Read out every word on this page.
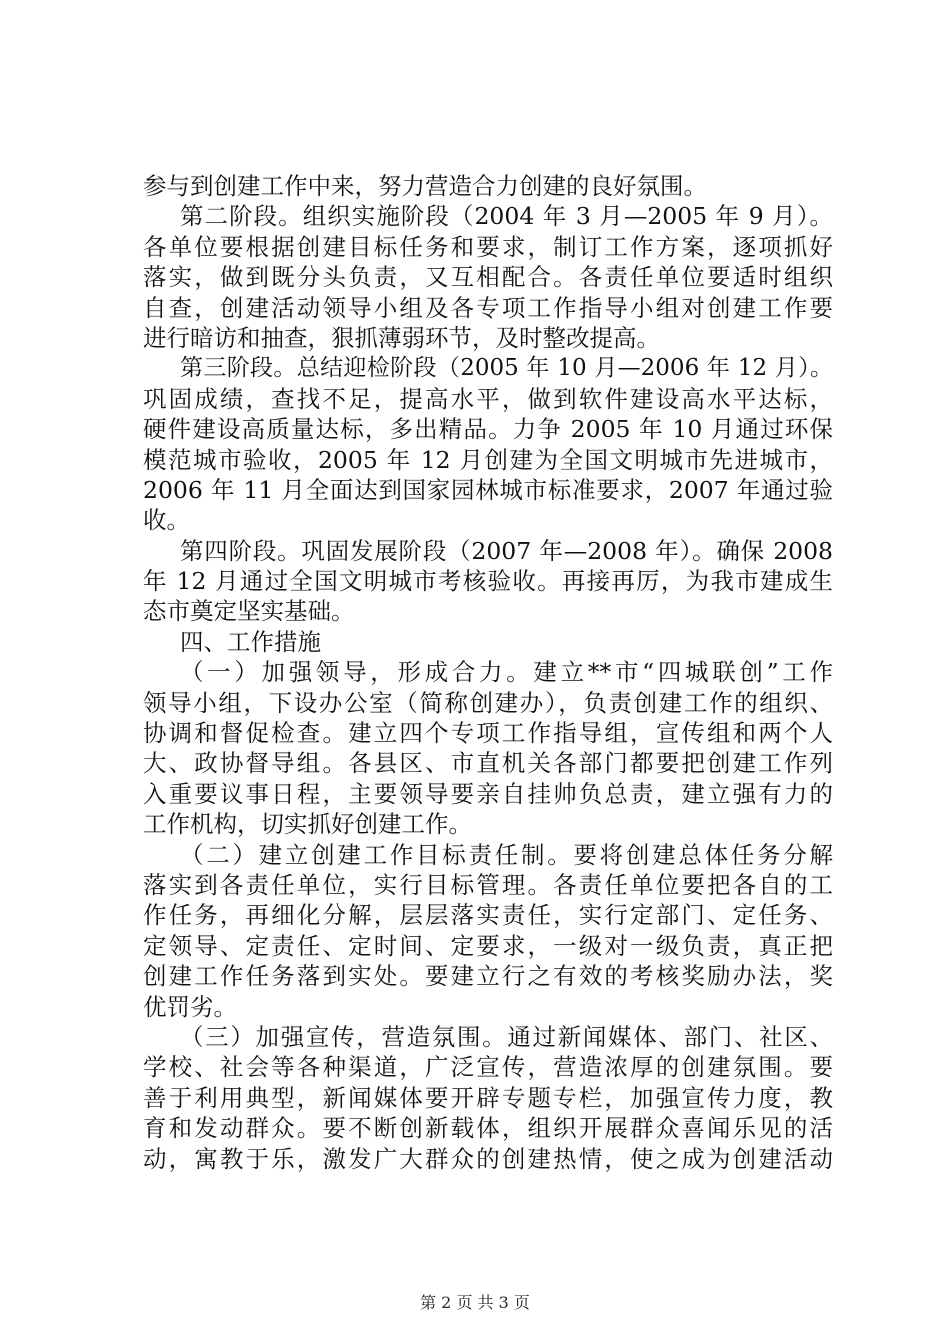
参与到创建工作中来，努力营造合力创建的良好氛围。
第二阶段。组织实施阶段（2004 年 3 月—2005 年 9 月）。
各单位要根据创建目标任务和要求，制订工作方案，逐项抓好
落实，做到既分头负责，又互相配合。各责任单位要适时组织
自查，创建活动领导小组及各专项工作指导小组对创建工作要
进行暗访和抽查，狠抓薄弱环节，及时整改提高。
第三阶段。总结迎检阶段（2005 年 10 月—2006 年 12 月）。
巩固成绩，查找不足，提高水平，做到软件建设高水平达标，
硬件建设高质量达标，多出精品。力争 2005 年 10 月通过环保
模范城市验收，2005 年 12 月创建为全国文明城市先进城市，
2006 年 11 月全面达到国家园林城市标准要求，2007 年通过验
收。
第四阶段。巩固发展阶段（2007 年—2008 年）。确保 2008
年 12 月通过全国文明城市考核验收。再接再厉，为我市建成生
态市奠定坚实基础。
四、工作措施
（一）加强领导，形成合力。建立**市“四城联创”工作
领导小组，下设办公室（简称创建办），负责创建工作的组织、
协调和督促检查。建立四个专项工作指导组，宣传组和两个人
大、政协督导组。各县区、市直机关各部门都要把创建工作列
入重要议事日程，主要领导要亲自挂帅负总责，建立强有力的
工作机构，切实抓好创建工作。
（二）建立创建工作目标责任制。要将创建总体任务分解
落实到各责任单位，实行目标管理。各责任单位要把各自的工
作任务，再细化分解，层层落实责任，实行定部门、定任务、
定领导、定责任、定时间、定要求，一级对一级负责，真正把
创建工作任务落到实处。要建立行之有效的考核奖励办法，奖
优罚劣。
（三）加强宣传，营造氛围。通过新闻媒体、部门、社区、
学校、社会等各种渠道，广泛宣传，营造浓厚的创建氛围。要
善于利用典型，新闻媒体要开辟专题专栏，加强宣传力度，教
育和发动群众。要不断创新载体，组织开展群众喜闻乐见的活
动，寓教于乐，激发广大群众的创建热情，使之成为创建活动
第 2 页 共 3 页
